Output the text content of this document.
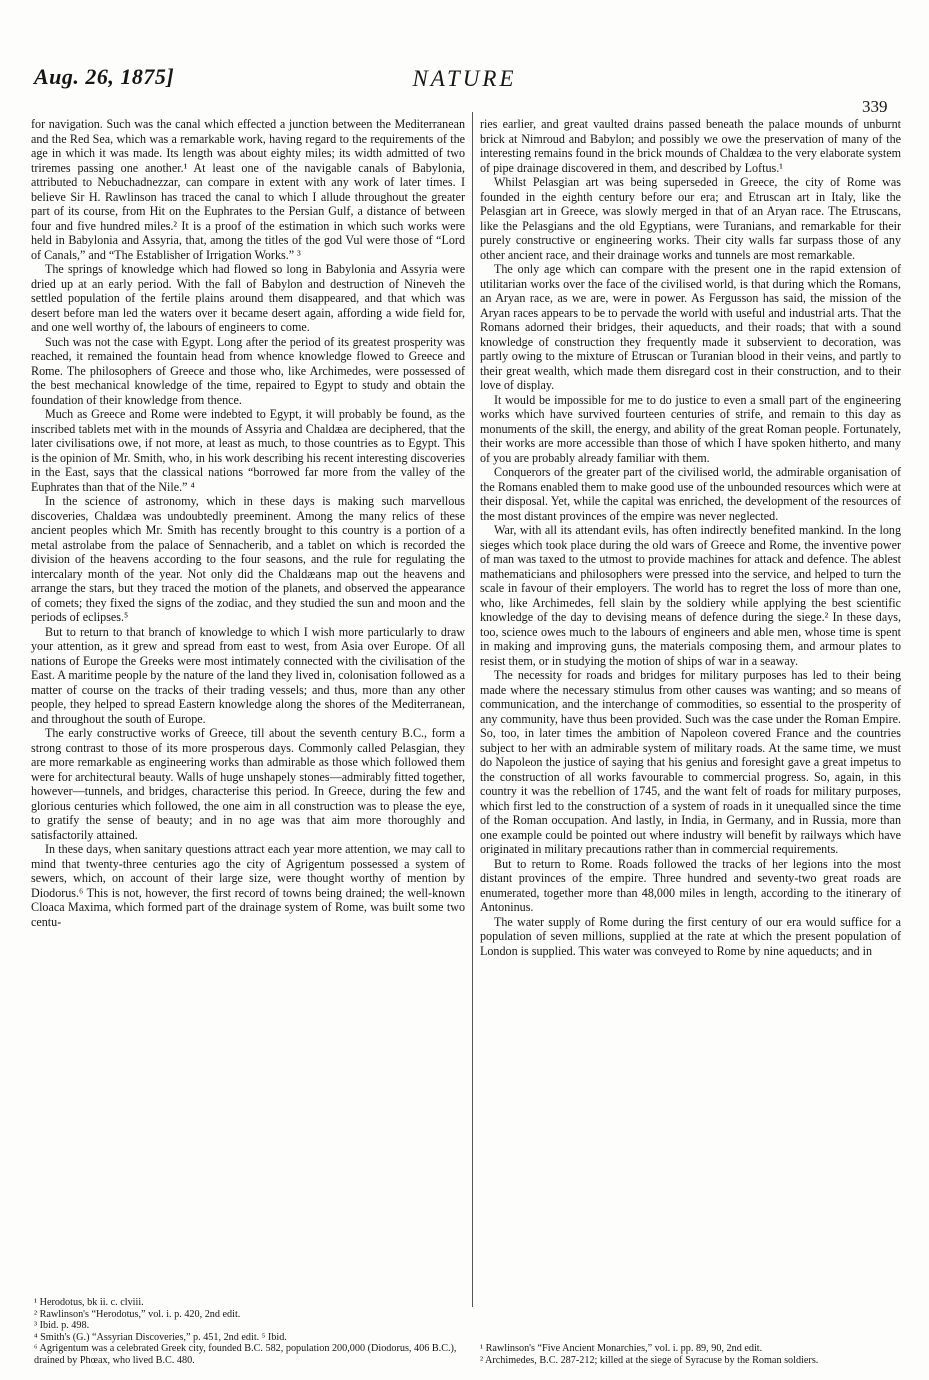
Aug. 26, 1875]	NATURE
339

for navigation. Such was the canal which effected a junction between the Mediterranean and the Red Sea, which was a remarkable work, having regard to the requirements of the age in which it was made. Its length was about eighty miles; its width admitted of two triremes passing one another.¹ At least one of the navigable canals of Babylonia, attributed to Nebuchadnezzar, can compare in extent with any work of later times. I believe Sir H. Rawlinson has traced the canal to which I allude throughout the greater part of its course, from Hit on the Euphrates to the Persian Gulf, a distance of between four and five hundred miles.² It is a proof of the estimation in which such works were held in Babylonia and Assyria, that, among the titles of the god Vul were those of “Lord of Canals,” and “The Establisher of Irrigation Works.” ³

The springs of knowledge which had flowed so long in Babylonia and Assyria were dried up at an early period. With the fall of Babylon and destruction of Nineveh the settled population of the fertile plains around them disappeared, and that which was desert before man led the waters over it became desert again, affording a wide field for, and one well worthy of, the labours of engineers to come.

Such was not the case with Egypt. Long after the period of its greatest prosperity was reached, it remained the fountain head from whence knowledge flowed to Greece and Rome. The philosophers of Greece and those who, like Archimedes, were possessed of the best mechanical knowledge of the time, repaired to Egypt to study and obtain the foundation of their knowledge from thence.

Much as Greece and Rome were indebted to Egypt, it will probably be found, as the inscribed tablets met with in the mounds of Assyria and Chaldæa are deciphered, that the later civilisations owe, if not more, at least as much, to those countries as to Egypt. This is the opinion of Mr. Smith, who, in his work describing his recent interesting discoveries in the East, says that the classical nations “borrowed far more from the valley of the Euphrates than that of the Nile.” ⁴

In the science of astronomy, which in these days is making such marvellous discoveries, Chaldæa was undoubtedly preeminent. Among the many relics of these ancient peoples which Mr. Smith has recently brought to this country is a portion of a metal astrolabe from the palace of Sennacherib, and a tablet on which is recorded the division of the heavens according to the four seasons, and the rule for regulating the intercalary month of the year. Not only did the Chaldæans map out the heavens and arrange the stars, but they traced the motion of the planets, and observed the appearance of comets; they fixed the signs of the zodiac, and they studied the sun and moon and the periods of eclipses.⁵

But to return to that branch of knowledge to which I wish more particularly to draw your attention, as it grew and spread from east to west, from Asia over Europe. Of all nations of Europe the Greeks were most intimately connected with the civilisation of the East. A maritime people by the nature of the land they lived in, colonisation followed as a matter of course on the tracks of their trading vessels; and thus, more than any other people, they helped to spread Eastern knowledge along the shores of the Mediterranean, and throughout the south of Europe.

The early constructive works of Greece, till about the seventh century B.C., form a strong contrast to those of its more prosperous days. Commonly called Pelasgian, they are more remarkable as engineering works than admirable as those which followed them were for architectural beauty. Walls of huge unshapely stones—admirably fitted together, however—tunnels, and bridges, characterise this period. In Greece, during the few and glorious centuries which followed, the one aim in all construction was to please the eye, to gratify the sense of beauty; and in no age was that aim more thoroughly and satisfactorily attained.

In these days, when sanitary questions attract each year more attention, we may call to mind that twenty-three centuries ago the city of Agrigentum possessed a system of sewers, which, on account of their large size, were thought worthy of mention by Diodorus.⁶ This is not, however, the first record of towns being drained; the well-known Cloaca Maxima, which formed part of the drainage system of Rome, was built some two centu-

ries earlier, and great vaulted drains passed beneath the palace mounds of unburnt brick at Nimroud and Babylon; and possibly we owe the preservation of many of the interesting remains found in the brick mounds of Chaldæa to the very elaborate system of pipe drainage discovered in them, and described by Loftus.¹

Whilst Pelasgian art was being superseded in Greece, the city of Rome was founded in the eighth century before our era; and Etruscan art in Italy, like the Pelasgian art in Greece, was slowly merged in that of an Aryan race. The Etruscans, like the Pelasgians and the old Egyptians, were Turanians, and remarkable for their purely constructive or engineering works. Their city walls far surpass those of any other ancient race, and their drainage works and tunnels are most remarkable.

The only age which can compare with the present one in the rapid extension of utilitarian works over the face of the civilised world, is that during which the Romans, an Aryan race, as we are, were in power. As Fergusson has said, the mission of the Aryan races appears to be to pervade the world with useful and industrial arts. That the Romans adorned their bridges, their aqueducts, and their roads; that with a sound knowledge of construction they frequently made it subservient to decoration, was partly owing to the mixture of Etruscan or Turanian blood in their veins, and partly to their great wealth, which made them disregard cost in their construction, and to their love of display.

It would be impossible for me to do justice to even a small part of the engineering works which have survived fourteen centuries of strife, and remain to this day as monuments of the skill, the energy, and ability of the great Roman people. Fortunately, their works are more accessible than those of which I have spoken hitherto, and many of you are probably already familiar with them.

Conquerors of the greater part of the civilised world, the admirable organisation of the Romans enabled them to make good use of the unbounded resources which were at their disposal. Yet, while the capital was enriched, the development of the resources of the most distant provinces of the empire was never neglected.

War, with all its attendant evils, has often indirectly benefited mankind. In the long sieges which took place during the old wars of Greece and Rome, the inventive power of man was taxed to the utmost to provide machines for attack and defence. The ablest mathematicians and philosophers were pressed into the service, and helped to turn the scale in favour of their employers. The world has to regret the loss of more than one, who, like Archimedes, fell slain by the soldiery while applying the best scientific knowledge of the day to devising means of defence during the siege.² In these days, too, science owes much to the labours of engineers and able men, whose time is spent in making and improving guns, the materials composing them, and armour plates to resist them, or in studying the motion of ships of war in a seaway.

The necessity for roads and bridges for military purposes has led to their being made where the necessary stimulus from other causes was wanting; and so means of communication, and the interchange of commodities, so essential to the prosperity of any community, have thus been provided. Such was the case under the Roman Empire. So, too, in later times the ambition of Napoleon covered France and the countries subject to her with an admirable system of military roads. At the same time, we must do Napoleon the justice of saying that his genius and foresight gave a great impetus to the construction of all works favourable to commercial progress. So, again, in this country it was the rebellion of 1745, and the want felt of roads for military purposes, which first led to the construction of a system of roads in it unequalled since the time of the Roman occupation. And lastly, in India, in Germany, and in Russia, more than one example could be pointed out where industry will benefit by railways which have originated in military precautions rather than in commercial requirements.

But to return to Rome. Roads followed the tracks of her legions into the most distant provinces of the empire. Three hundred and seventy-two great roads are enumerated, together more than 48,000 miles in length, according to the itinerary of Antoninus.

The water supply of Rome during the first century of our era would suffice for a population of seven millions, supplied at the rate at which the present population of London is supplied. This water was conveyed to Rome by nine aqueducts; and in

¹ Herodotus, bk ii. c. clviii.
² Rawlinson's “Herodotus,” vol. i. p. 420, 2nd edit.
³ Ibid. p. 498.
⁴ Smith's (G.) “Assyrian Discoveries,” p. 451, 2nd edit. ⁵ Ibid.
⁶ Agrigentum was a celebrated Greek city, founded B.C. 582, population 200,000 (Diodorus, 406 B.C.), drained by Phœax, who lived B.C. 480.
¹ Rawlinson's “Five Ancient Monarchies,” vol. i. pp. 89, 90, 2nd edit.
² Archimedes, B.C. 287-212; killed at the siege of Syracuse by the Roman soldiers.
